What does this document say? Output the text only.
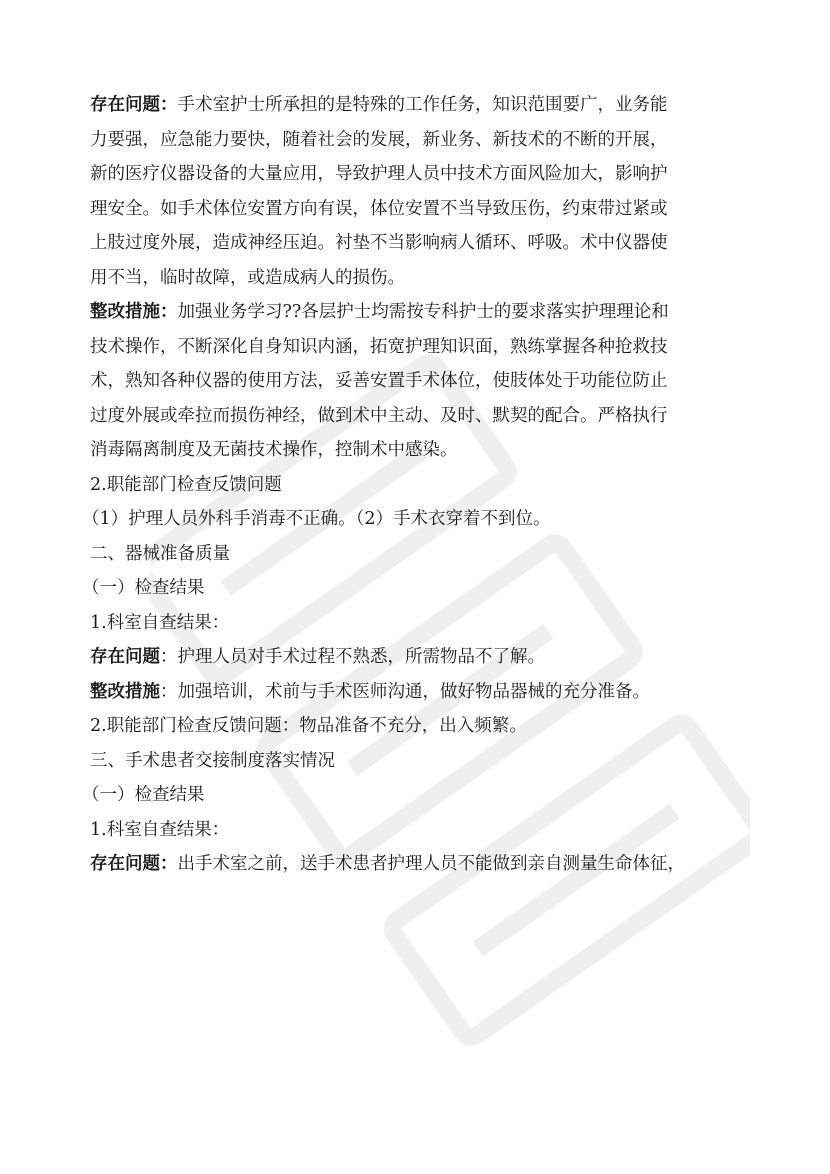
存在问题：手术室护士所承担的是特殊的工作任务，知识范围要广，业务能
力要强，应急能力要快，随着社会的发展，新业务、新技术的不断的开展，
新的医疗仪器设备的大量应用，导致护理人员中技术方面风险加大，影响护
理安全。如手术体位安置方向有误，体位安置不当导致压伤，约束带过紧或
上肢过度外展，造成神经压迫。衬垫不当影响病人循环、呼吸。术中仪器使
用不当，临时故障，或造成病人的损伤。
整改措施：加强业务学习??各层护士均需按专科护士的要求落实护理理论和
技术操作，不断深化自身知识内涵，拓宽护理知识面，熟练掌握各种抢救技
术，熟知各种仪器的使用方法，妥善安置手术体位，使肢体处于功能位防止
过度外展或牵拉而损伤神经，做到术中主动、及时、默契的配合。严格执行
消毒隔离制度及无菌技术操作，控制术中感染。
2.职能部门检查反馈问题
（1）护理人员外科手消毒不正确。（2）手术衣穿着不到位。
二、器械准备质量
（一）检查结果
1.科室自查结果：
存在问题：护理人员对手术过程不熟悉，所需物品不了解。
整改措施：加强培训，术前与手术医师沟通，做好物品器械的充分准备。
2.职能部门检查反馈问题：物品准备不充分，出入频繁。
三、手术患者交接制度落实情况
（一）检查结果
1.科室自查结果：
存在问题：出手术室之前，送手术患者护理人员不能做到亲自测量生命体征，
